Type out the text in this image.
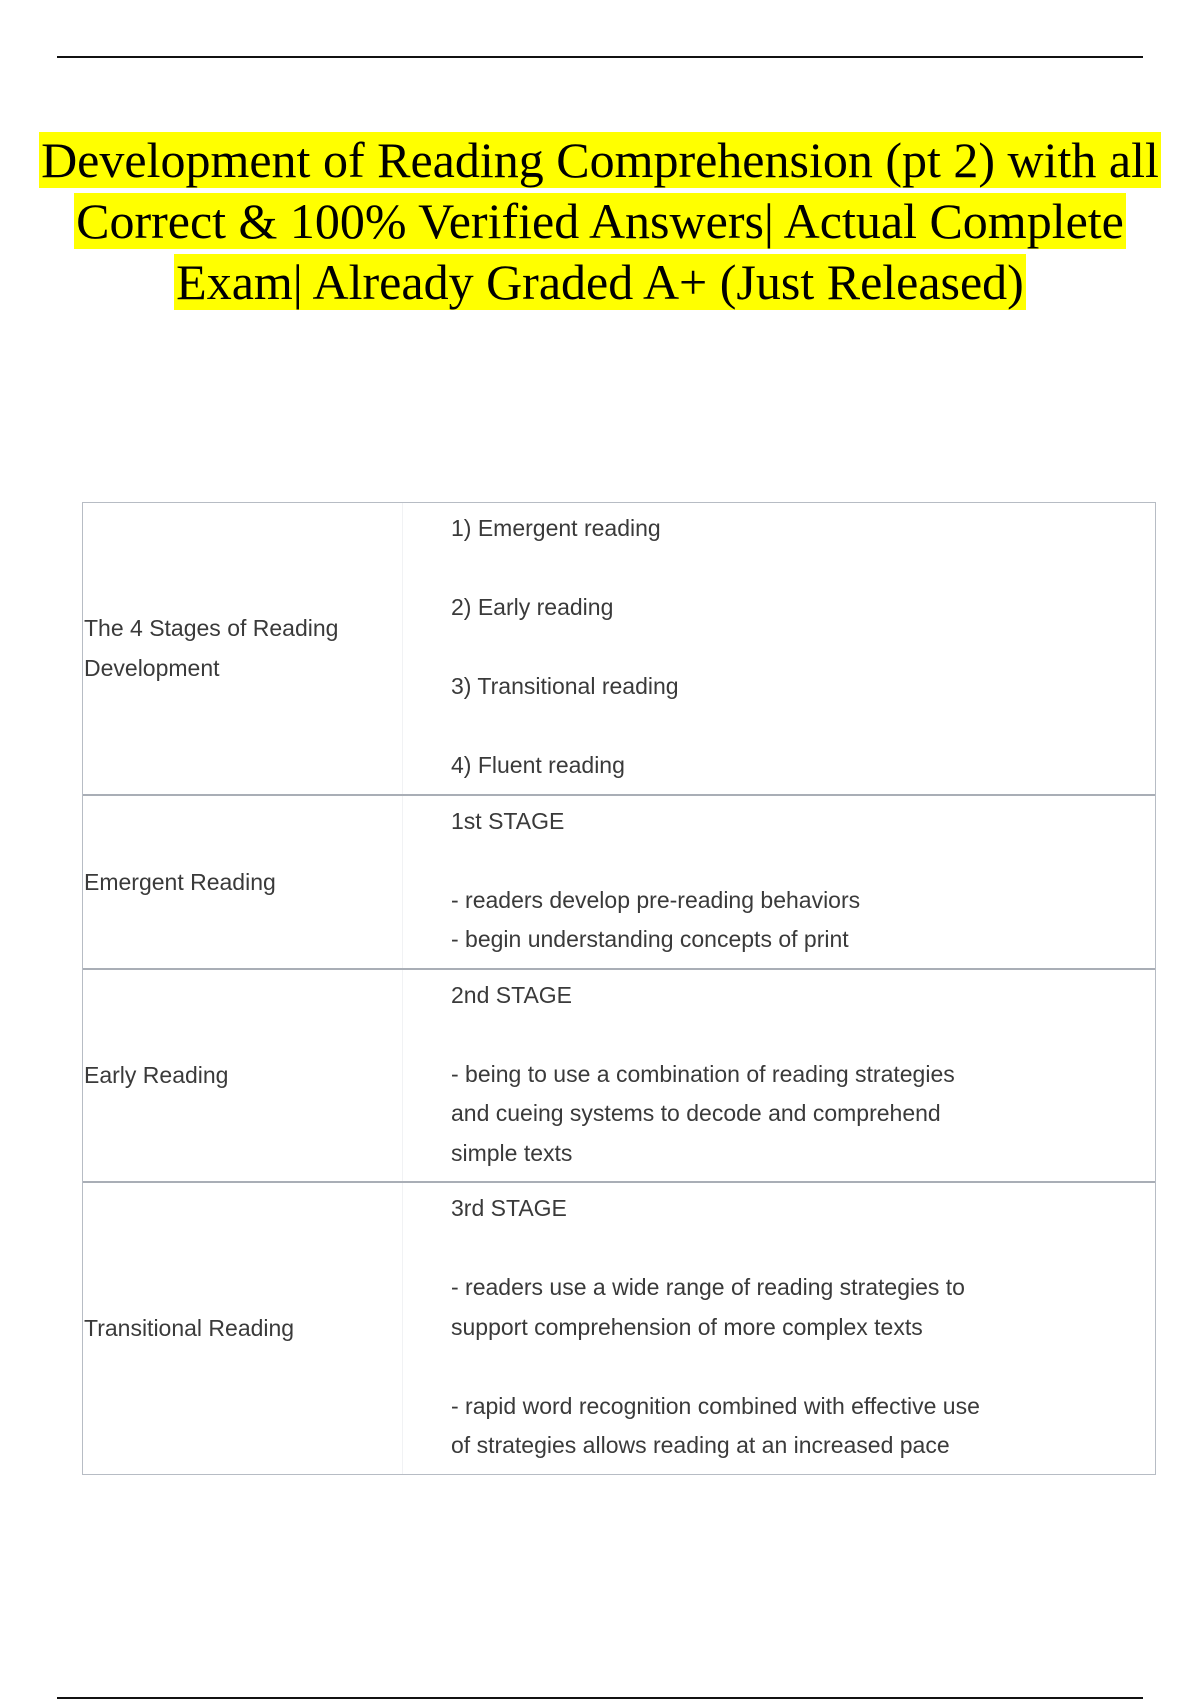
Development of Reading Comprehension (pt 2) with all Correct & 100% Verified Answers| Actual Complete Exam| Already Graded A+ (Just Released)
The 4 Stages of Reading Development

1) Emergent reading

2) Early reading

3) Transitional reading

4) Fluent reading

Emergent Reading

1st STAGE

- readers develop pre-reading behaviors

- begin understanding concepts of print

Early Reading

2nd STAGE

- being to use a combination of reading strategies

and cueing systems to decode and comprehend

simple texts

Transitional Reading

3rd STAGE

- readers use a wide range of reading strategies to

support comprehension of more complex texts

- rapid word recognition combined with effective use

of strategies allows reading at an increased pace
